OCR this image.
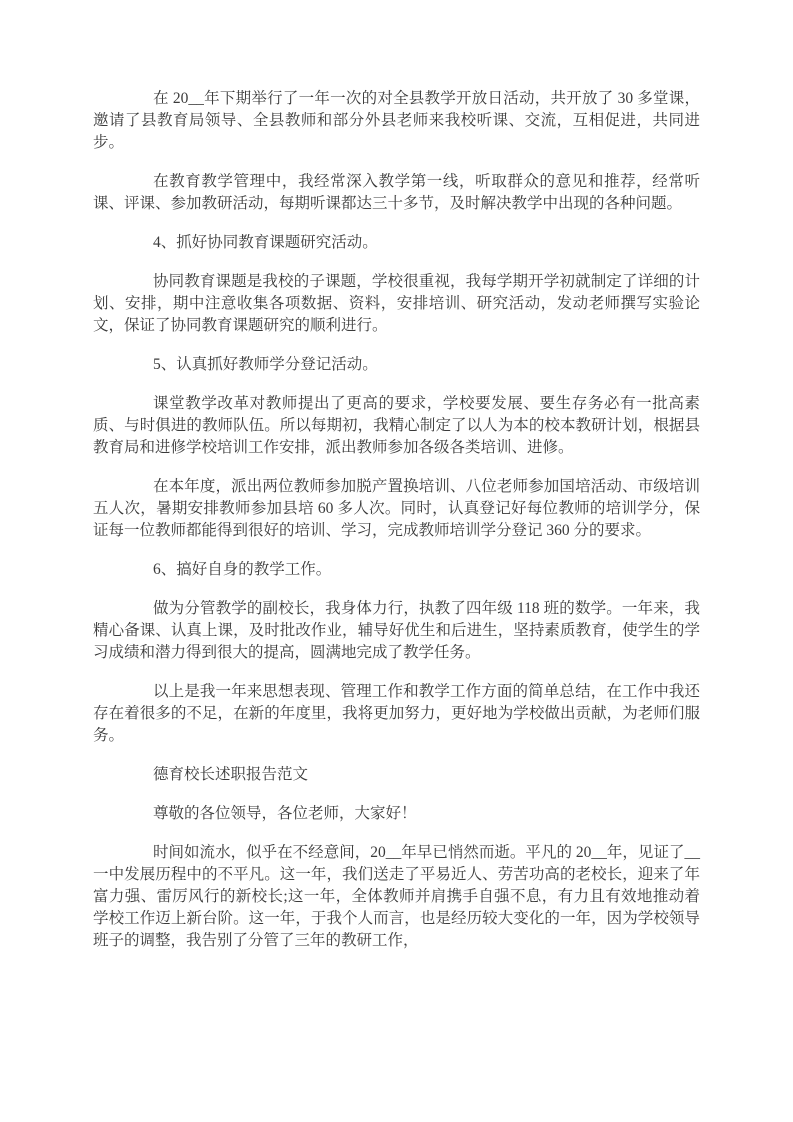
在 20__年下期举行了一年一次的对全县教学开放日活动，共开放了 30 多堂课，邀请了县教育局领导、全县教师和部分外县老师来我校听课、交流，互相促进，共同进步。

在教育教学管理中，我经常深入教学第一线，听取群众的意见和推荐，经常听课、评课、参加教研活动，每期听课都达三十多节，及时解决教学中出现的各种问题。

4、抓好协同教育课题研究活动。

协同教育课题是我校的子课题，学校很重视，我每学期开学初就制定了详细的计划、安排，期中注意收集各项数据、资料，安排培训、研究活动，发动老师撰写实验论文，保证了协同教育课题研究的顺利进行。

5、认真抓好教师学分登记活动。

课堂教学改革对教师提出了更高的要求，学校要发展、要生存务必有一批高素质、与时俱进的教师队伍。所以每期初，我精心制定了以人为本的校本教研计划，根据县教育局和进修学校培训工作安排，派出教师参加各级各类培训、进修。

在本年度，派出两位教师参加脱产置换培训、八位老师参加国培活动、市级培训五人次，暑期安排教师参加县培 60 多人次。同时，认真登记好每位教师的培训学分，保证每一位教师都能得到很好的培训、学习，完成教师培训学分登记 360 分的要求。

6、搞好自身的教学工作。

做为分管教学的副校长，我身体力行，执教了四年级 118 班的数学。一年来，我精心备课、认真上课，及时批改作业，辅导好优生和后进生，坚持素质教育，使学生的学习成绩和潜力得到很大的提高，圆满地完成了教学任务。

以上是我一年来思想表现、管理工作和教学工作方面的简单总结，在工作中我还存在着很多的不足，在新的年度里，我将更加努力，更好地为学校做出贡献，为老师们服务。

德育校长述职报告范文

尊敬的各位领导，各位老师，大家好！

时间如流水，似乎在不经意间，20__年早已悄然而逝。平凡的 20__年，见证了__一中发展历程中的不平凡。这一年，我们送走了平易近人、劳苦功高的老校长，迎来了年富力强、雷厉风行的新校长;这一年，全体教师并肩携手自强不息，有力且有效地推动着学校工作迈上新台阶。这一年，于我个人而言，也是经历较大变化的一年，因为学校领导班子的调整，我告别了分管了三年的教研工作，
